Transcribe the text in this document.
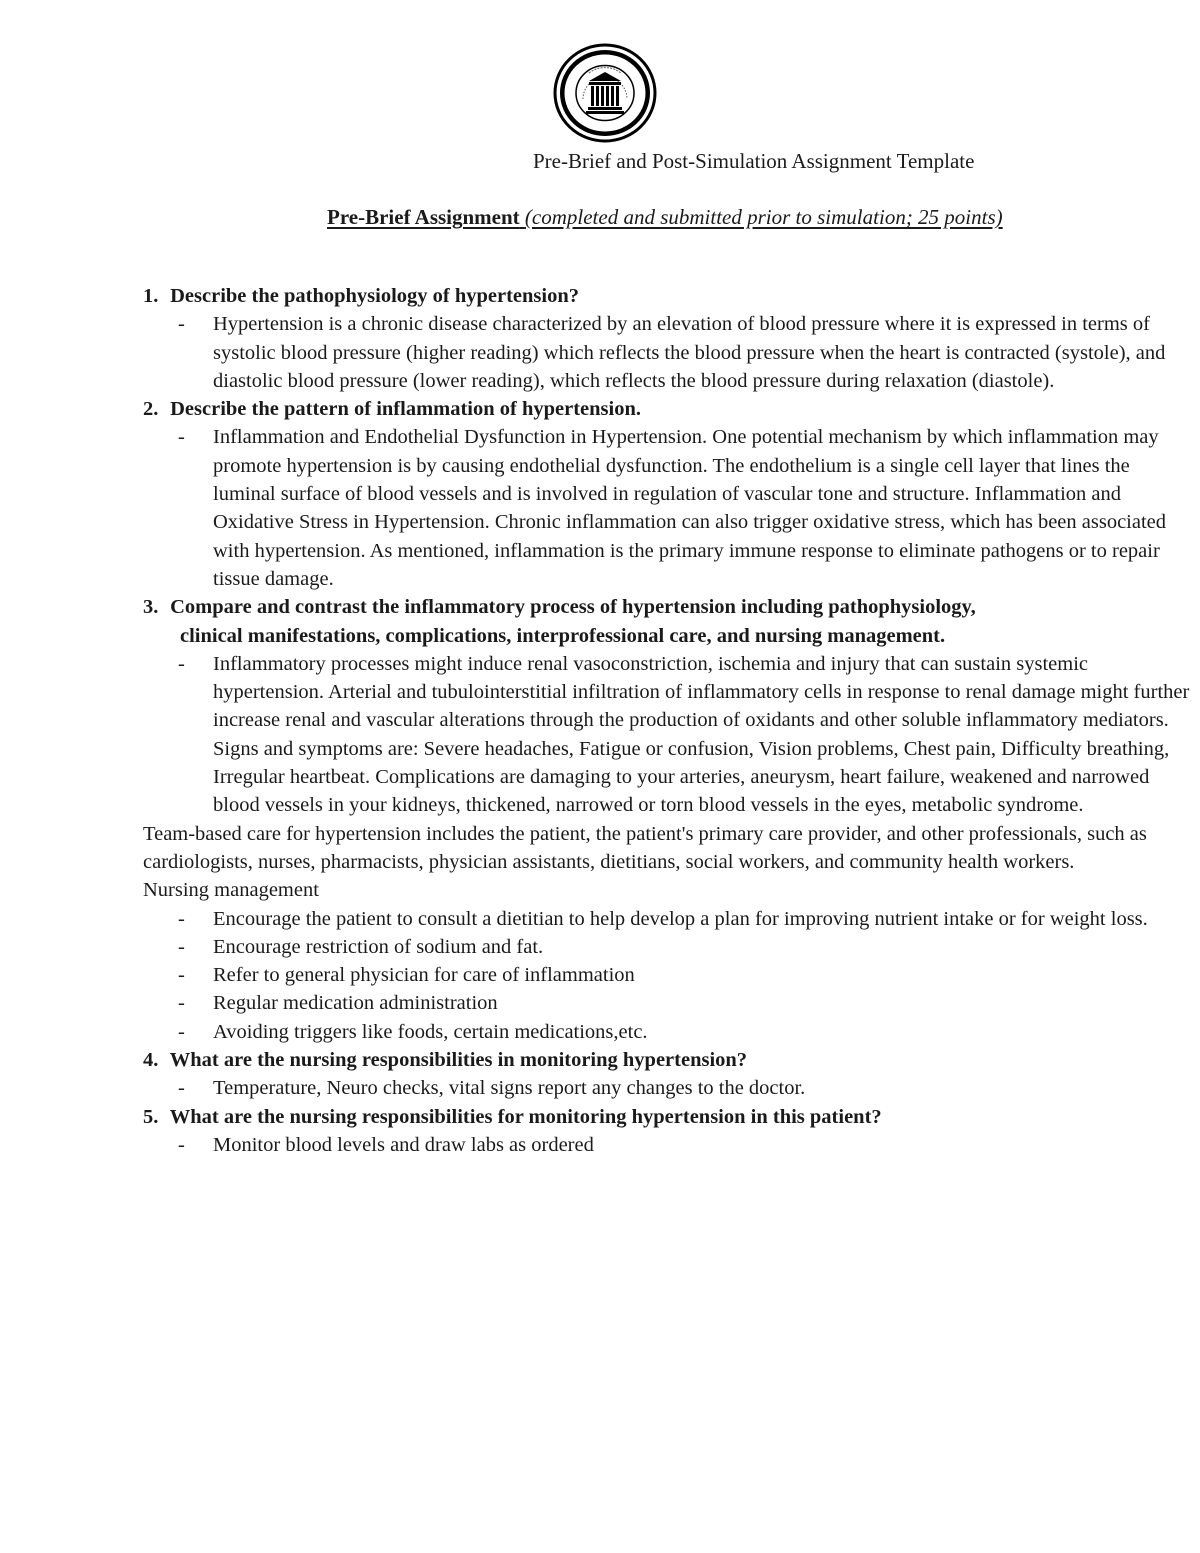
Pre-Brief and Post-Simulation Assignment Template
Pre-Brief Assignment (completed and submitted prior to simulation; 25 points)

1. Describe the pathophysiology of hypertension?

- Hypertension is a chronic disease characterized by an elevation of blood pressure where it is expressed in terms of systolic blood pressure (higher reading) which reflects the blood pressure when the heart is contracted (systole), and diastolic blood pressure (lower reading), which reflects the blood pressure during relaxation (diastole).

2. Describe the pattern of inflammation of hypertension.

- Inflammation and Endothelial Dysfunction in Hypertension. One potential mechanism by which inflammation may promote hypertension is by causing endothelial dysfunction. The endothelium is a single cell layer that lines the luminal surface of blood vessels and is involved in regulation of vascular tone and structure. Inflammation and Oxidative Stress in Hypertension. Chronic inflammation can also trigger oxidative stress, which has been associated with hypertension. As mentioned, inflammation is the primary immune response to eliminate pathogens or to repair tissue damage.

3. Compare and contrast the inflammatory process of hypertension including pathophysiology,
clinical manifestations, complications, interprofessional care, and nursing management.

- Inflammatory processes might induce renal vasoconstriction, ischemia and injury that can sustain systemic hypertension. Arterial and tubulointerstitial infiltration of inflammatory cells in response to renal damage might further increase renal and vascular alterations through the production of oxidants and other soluble inflammatory mediators. Signs and symptoms are: Severe headaches, Fatigue or confusion, Vision problems, Chest pain, Difficulty breathing, Irregular heartbeat. Complications are damaging to your arteries, aneurysm, heart failure, weakened and narrowed blood vessels in your kidneys, thickened, narrowed or torn blood vessels in the eyes, metabolic syndrome.

Team-based care for hypertension includes the patient, the patient's primary care provider, and other professionals, such as cardiologists, nurses, pharmacists, physician assistants, dietitians, social workers, and community health workers.

Nursing management

- Encourage the patient to consult a dietitian to help develop a plan for improving nutrient intake or for weight loss.

- Encourage restriction of sodium and fat.

- Refer to general physician for care of inflammation

- Regular medication administration

- Avoiding triggers like foods, certain medications,etc.

4. What are the nursing responsibilities in monitoring hypertension?

- Temperature, Neuro checks, vital signs report any changes to the doctor.

5. What are the nursing responsibilities for monitoring hypertension in this patient?

- Monitor blood levels and draw labs as ordered
